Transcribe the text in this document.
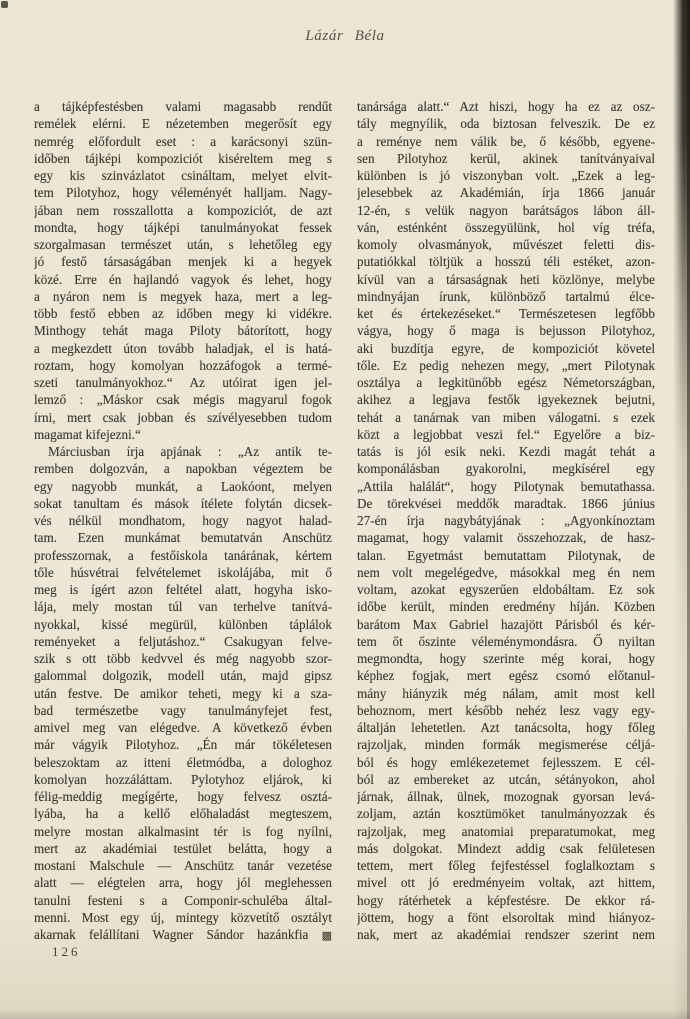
Lázár Béla
a tájképfestésben valami magasabb rendűt
remélek elérni. E nézetemben megerősít egy
nemrég előfordult eset : a karácsonyi szün-
időben tájképi kompoziciót kiséreltem meg s
egy kis szinvázlatot csináltam, melyet elvit-
tem Pilotyhoz, hogy véleményét halljam. Nagy-
jában nem rosszallotta a kompoziciót, de azt
mondta, hogy tájképi tanulmányokat fessek
szorgalmasan természet után, s lehetőleg egy
jó festő társaságában menjek ki a hegyek
közé. Erre én hajlandó vagyok és lehet, hogy
a nyáron nem is megyek haza, mert a leg-
több festő ebben az időben megy ki vidékre.
Minthogy tehát maga Piloty bátorított, hogy
a megkezdett úton tovább haladjak, el is hatá-
roztam, hogy komolyan hozzáfogok a termé-
szeti tanulmányokhoz.“ Az utóirat igen jel-
lemző : „Máskor csak mégis magyarul fogok
írni, mert csak jobban és szívélyesebben tudom
magamat kifejezni.“
Márciusban írja apjának : „Az antik te-
remben dolgozván, a napokban végeztem be
egy nagyobb munkát, a Laokóont, melyen
sokat tanultam és mások ítélete folytán dicsek-
vés nélkül mondhatom, hogy nagyot halad-
tam. Ezen munkámat bemutatván Anschütz
professzornak, a festőiskola tanárának, kértem
tőle húsvétrai felvételemet iskolájába, mit ő
meg is ígért azon feltétel alatt, hogyha isko-
lája, mely mostan túl van terhelve tanítvá-
nyokkal, kissé megürül, különben táplálok
reményeket a feljutáshoz.“ Csakugyan felve-
szik s ott több kedvvel és még nagyobb szor-
galommal dolgozik, modell után, majd gipsz
után festve. De amikor teheti, megy ki a sza-
bad természetbe vagy tanulmányfejet fest,
amivel meg van elégedve. A következő évben
már vágyik Pilotyhoz. „Én már tökéletesen
beleszoktam az itteni életmódba, a dologhoz
komolyan hozzáláttam. Pylotyhoz eljárok, ki
félig-meddig megígérte, hogy felvesz osztá-
lyába, ha a kellő előhaladást megteszem,
melyre mostan alkalmasint tér is fog nyílni,
mert az akadémiai testület belátta, hogy a
mostani Malschule — Anschütz tanár vezetése
alatt — elégtelen arra, hogy jól meglehessen
tanulni festeni s a Componir-schuléba által-
menni. Most egy új, mintegy közvetítő osztályt
akarnak felállítani Wagner Sándor hazánkfia ▩
tanársága alatt.“ Azt hiszi, hogy ha ez az osz-
tály megnyílik, oda biztosan felveszik. De ez
a reménye nem válik be, ő később, egyene-
sen Pilotyhoz kerül, akinek tanítványaival
különben is jó viszonyban volt. „Ezek a leg-
jelesebbek az Akadémián, írja 1866 január
12-én, s velük nagyon barátságos lábon áll-
ván, esténként összegyülünk, hol víg tréfa,
komoly olvasmányok, művészet feletti dis-
putatiókkal töltjük a hosszú téli estéket, azon-
kívül van a társaságnak heti közlönye, melybe
mindnyájan írunk, különböző tartalmú élce-
ket és értekezéseket.“ Természetesen legfőbb
vágya, hogy ő maga is bejusson Pilotyhoz,
aki buzdítja egyre, de kompoziciót követel
tőle. Ez pedig nehezen megy, „mert Pilotynak
osztálya a legkitünőbb egész Németországban,
akihez a legjava festők igyekeznek bejutni,
tehát a tanárnak van miben válogatni. s ezek
közt a legjobbat veszi fel.“ Egyelőre a biz-
tatás is jól esik neki. Kezdi magát tehát a
komponálásban gyakorolni, megkísérel egy
„Attila halálát“, hogy Pilotynak bemutathassa.
De törekvései meddők maradtak. 1866 június
27-én írja nagybátyjának : „Agyonkínoztam
magamat, hogy valamit összehozzak, de hasz-
talan. Egyetmást bemutattam Pilotynak, de
nem volt megelégedve, másokkal meg én nem
voltam, azokat egyszerűen eldobáltam. Ez sok
időbe került, minden eredmény híján. Közben
barátom Max Gabriel hazajött Párisból és kér-
tem őt őszinte véleménymondásra. Ő nyiltan
megmondta, hogy szerinte még korai, hogy
képhez fogjak, mert egész csomó előtanul-
mány hiányzik még nálam, amit most kell
behoznom, mert később nehéz lesz vagy egy-
általján lehetetlen. Azt tanácsolta, hogy főleg
rajzoljak, minden formák megismerése céljá-
ból és hogy emlékezetemet fejlesszem. E cél-
ból az embereket az utcán, sétányokon, ahol
járnak, állnak, ülnek, mozognak gyorsan levá-
zoljam, aztán kosztümöket tanulmányozzak és
rajzoljak, meg anatomiai preparatumokat, meg
más dolgokat. Mindezt addig csak felületesen
tettem, mert főleg fejfestéssel foglalkoztam s
mivel ott jó eredményeim voltak, azt hittem,
hogy rátérhetek a képfestésre. De ekkor rá-
jöttem, hogy a fönt elsoroltak mind hiányoz-
nak, mert az akadémiai rendszer szerint nem
126
